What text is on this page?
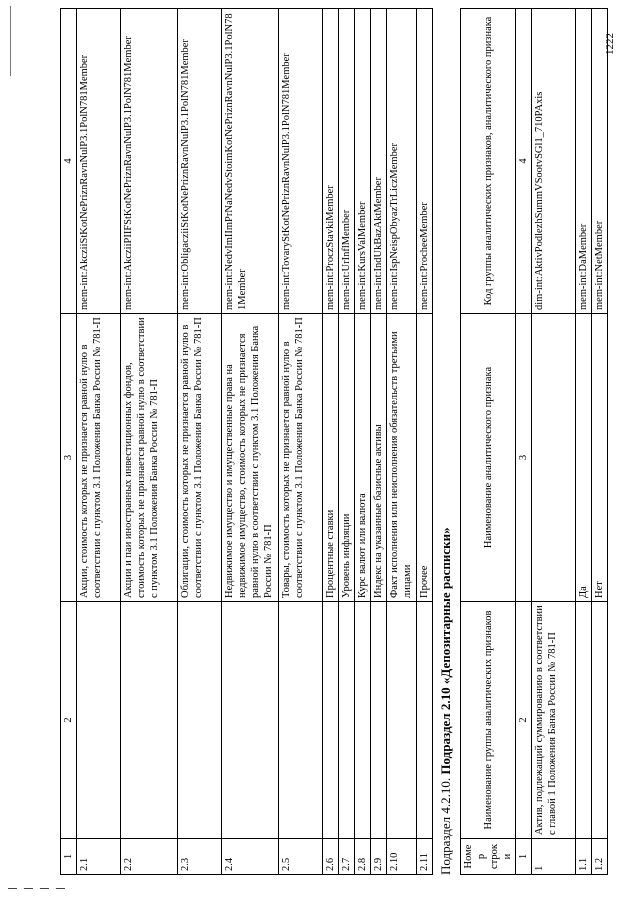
1	2	3	4
2.1		Акции, стоимость которых не признается равной нулю в соответствии с пунктом 3.1 Положения Банка России № 781-П	mem-int:AkcziiStKotNePriznRavnNulP3.1PolN781Member
2.2		Акции и паи иностранных инвестиционных фондов, стоимость которых не признается равной нулю в соответствии с пунктом 3.1 Положения Банка России № 781-П	mem-int:AkcziiPIIFStKotNePriznRavnNulP3.1PolN781Member
2.3		Облигации, стоимость которых не признается равной нулю в соответствии с пунктом 3.1 Положения Банка России № 781-П	mem-int:ObligacziiStKotNePriznRavnNulP3.1PolN781Member
2.4		Недвижимое имущество и имущественные права на недвижимое имущество, стоимость которых не признается равной нулю в соответствии с пунктом 3.1 Положения Банка России № 781-П	mem-int:NedvImIImPrNaNedvStoimKotNePriznRavnNulP3.1PolN781Member
2.5		Товары, стоимость которых не признается равной нулю в соответствии с пунктом 3.1 Положения Банка России № 781-П	mem-int:TovaryStKotNePriznRavnNulP3.1PolN781Member
2.6		Процентные ставки	mem-int:ProczStavkiMember
2.7		Уровень инфляции	mem-int:UrInflMember
2.8		Курс валют или валюта	mem-int:KursValMember
2.9		Индекс на указанные базисные активы	mem-int:IndUkBazAktMember
2.10		Факт исполнения или неисполнения обязательств третьими лицами	mem-int:IspNeispObyazTrLiczMember
2.11		Прочее	mem-int:ProcheeMember
Подраздел 4.2.10. Подраздел 2.10 «Депозитарные расписки»
Номер строки	Наименование группы аналитических признаков	Наименование аналитического признака	Код группы аналитических признаков, аналитического признака
1	2	3	4
1	Актив, подлежащий суммированию в соответствии с главой 1 Положения Банка России № 781-П		dim-int:AktivPodlezhSummVSootvSGl1_710PAxis
1.1		Да	mem-int:DaMember
1.2		Нет	mem-int:NetMember
1222
